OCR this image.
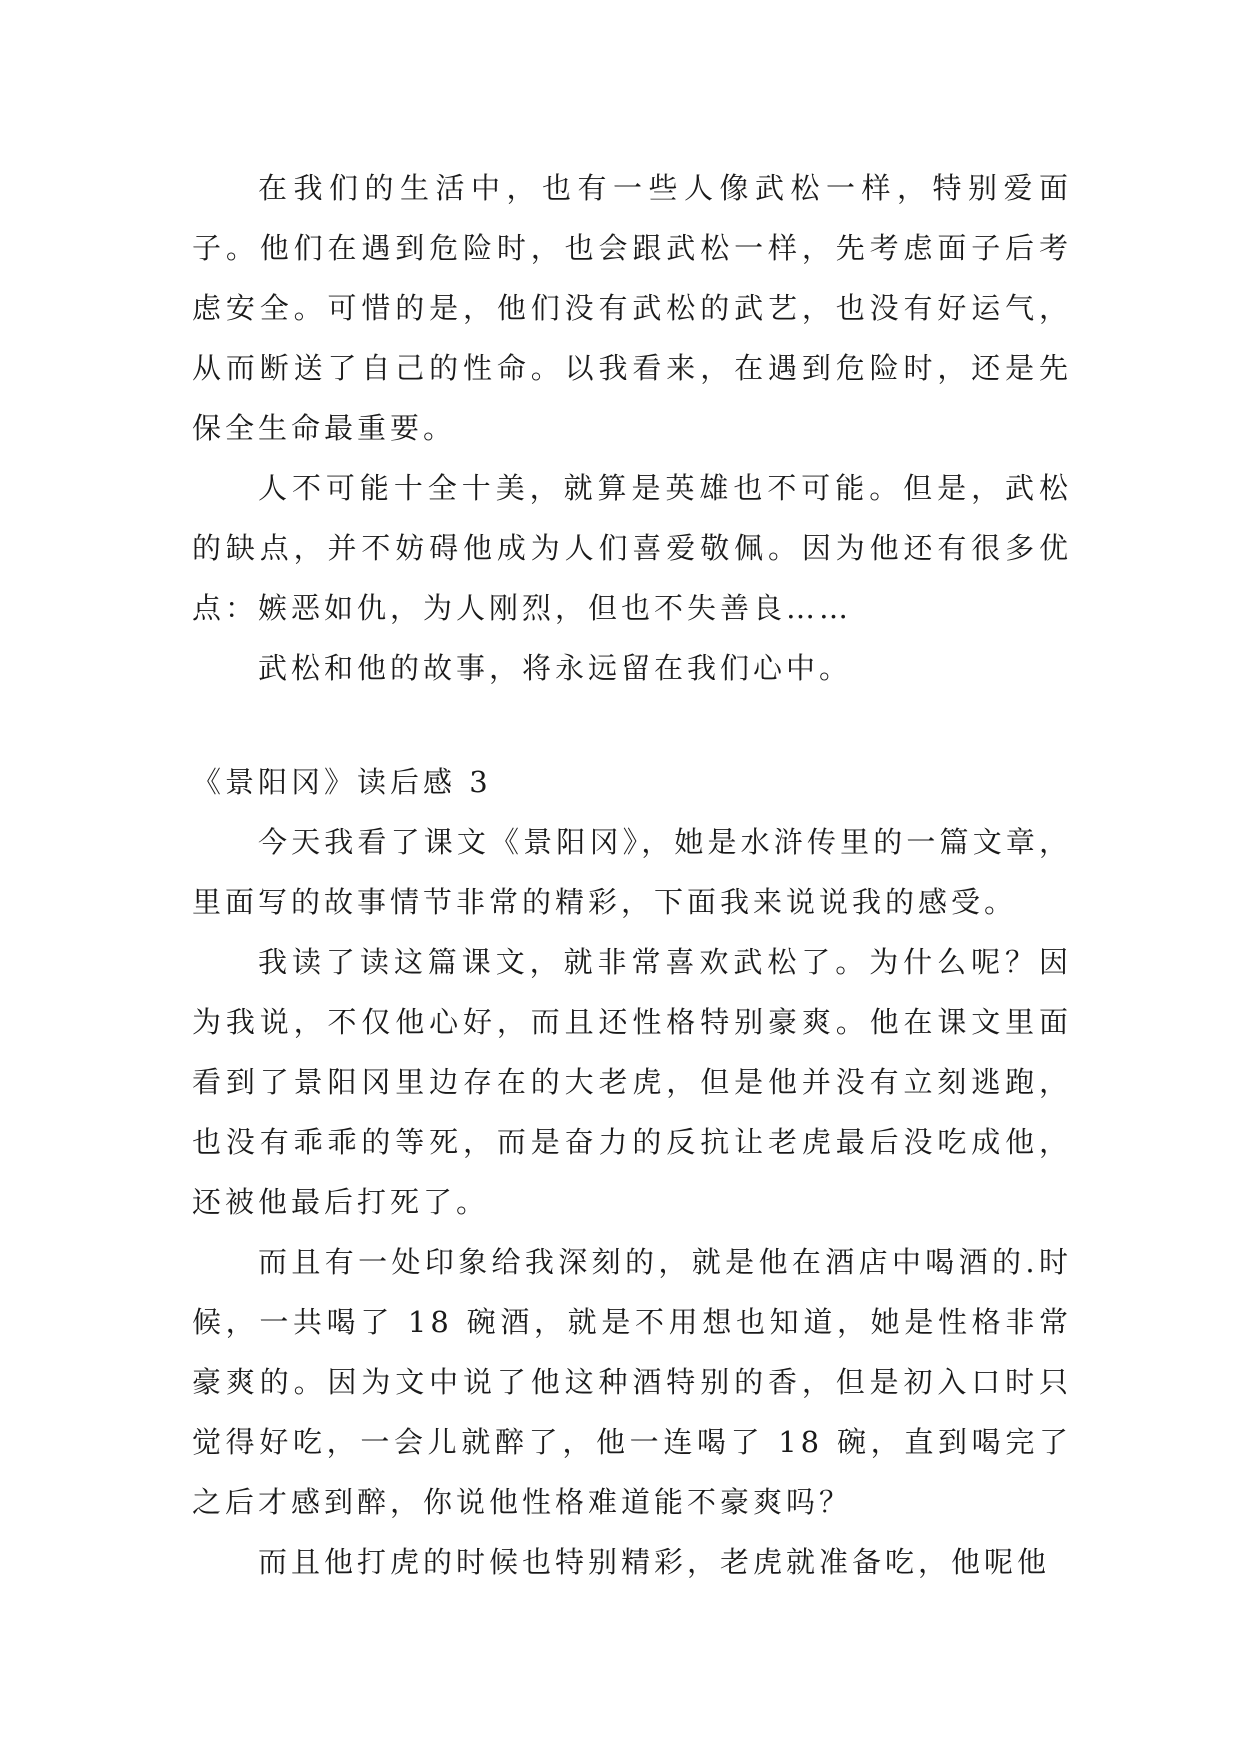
在我们的生活中，也有一些人像武松一样，特别爱面子。他们在遇到危险时，也会跟武松一样，先考虑面子后考虑安全。可惜的是，他们没有武松的武艺，也没有好运气，从而断送了自己的性命。以我看来，在遇到危险时，还是先保全生命最重要。

人不可能十全十美，就算是英雄也不可能。但是，武松的缺点，并不妨碍他成为人们喜爱敬佩。因为他还有很多优点：嫉恶如仇，为人刚烈，但也不失善良……

武松和他的故事，将永远留在我们心中。

《景阳冈》读后感 3

今天我看了课文《景阳冈》，她是水浒传里的一篇文章，里面写的故事情节非常的精彩，下面我来说说我的感受。

我读了读这篇课文，就非常喜欢武松了。为什么呢？因为我说，不仅他心好，而且还性格特别豪爽。他在课文里面看到了景阳冈里边存在的大老虎，但是他并没有立刻逃跑，也没有乖乖的等死，而是奋力的反抗让老虎最后没吃成他，还被他最后打死了。

而且有一处印象给我深刻的，就是他在酒店中喝酒的.时候，一共喝了 18 碗酒，就是不用想也知道，她是性格非常豪爽的。因为文中说了他这种酒特别的香，但是初入口时只觉得好吃，一会儿就醉了，他一连喝了 18 碗，直到喝完了之后才感到醉，你说他性格难道能不豪爽吗？

而且他打虎的时候也特别精彩，老虎就准备吃，他呢他
